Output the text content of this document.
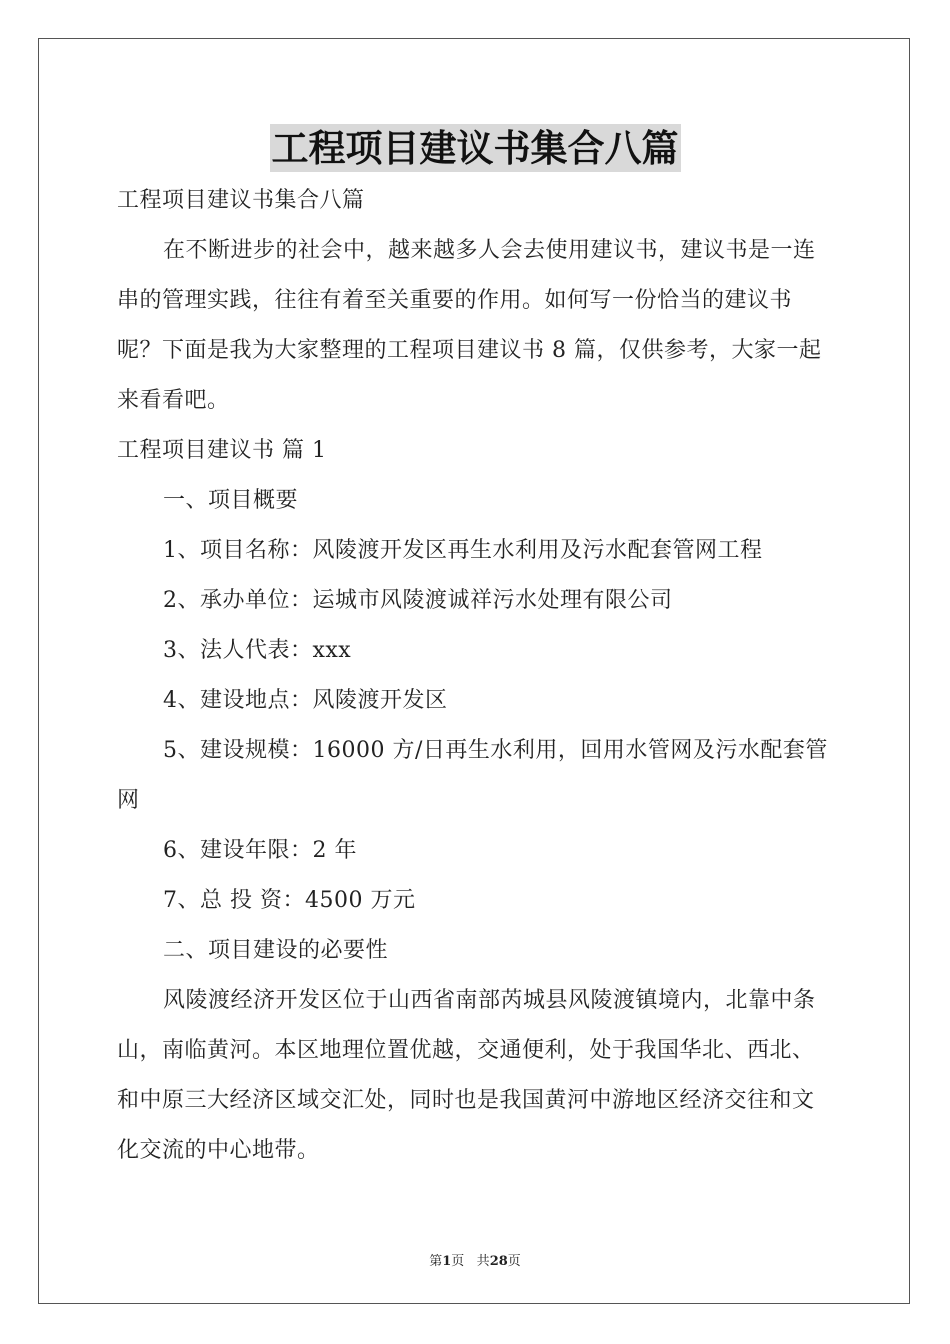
工程项目建议书集合八篇

工程项目建议书集合八篇

在不断进步的社会中，越来越多人会去使用建议书，建议书是一连串的管理实践，往往有着至关重要的作用。如何写一份恰当的建议书呢？下面是我为大家整理的工程项目建议书 8 篇，仅供参考，大家一起来看看吧。

工程项目建议书 篇 1

一、项目概要

1、项目名称：风陵渡开发区再生水利用及污水配套管网工程

2、承办单位：运城市风陵渡诚祥污水处理有限公司

3、法人代表：xxx

4、建设地点：风陵渡开发区

5、建设规模：16000 方/日再生水利用，回用水管网及污水配套管网

6、建设年限：2 年

7、总 投 资：4500 万元

二、项目建设的必要性

风陵渡经济开发区位于山西省南部芮城县风陵渡镇境内，北靠中条山，南临黄河。本区地理位置优越，交通便利，处于我国华北、西北、和中原三大经济区域交汇处，同时也是我国黄河中游地区经济交往和文化交流的中心地带。

第1页 共28页
